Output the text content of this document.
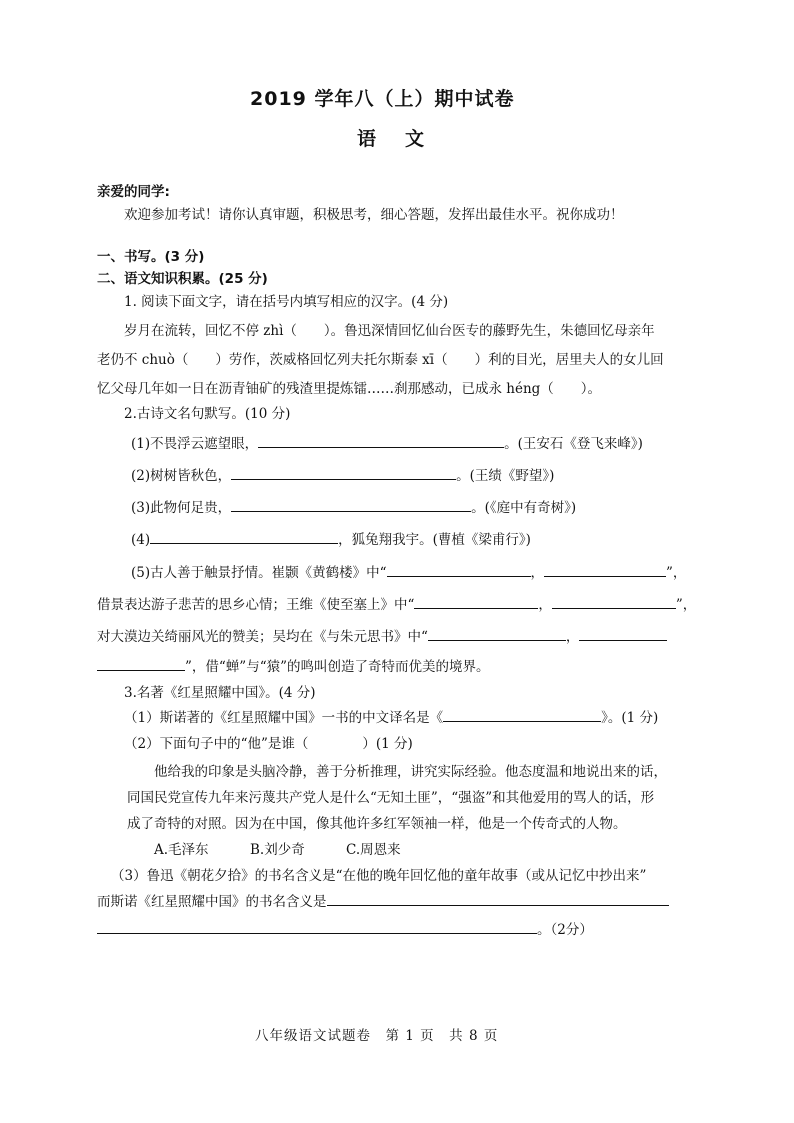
2019 学年八（上）期中试卷
语 文
亲爱的同学:
欢迎参加考试！请你认真审题，积极思考，细心答题，发挥出最佳水平。祝你成功！
一、书写。(3 分)
二、语文知识积累。(25 分)
1. 阅读下面文字，请在括号内填写相应的汉字。(4 分)
岁月在流转，回忆不停 zhì（　　）。鲁迅深情回忆仙台医专的藤野先生，朱德回忆母亲年
老仍不 chuò（　　）劳作，茨威格回忆列夫托尔斯泰 xī（　　）利的目光，居里夫人的女儿回
忆父母几年如一日在沥青铀矿的残渣里提炼镭……刹那感动，已成永 héng（　　）。
2.古诗文名句默写。(10 分)
(1)不畏浮云遮望眼，	。(王安石《登飞来峰》)
(2)树树皆秋色，	。(王绩《野望》)
(3)此物何足贵，	。(《庭中有奇树》)
(4)	，狐兔翔我宇。(曹植《梁甫行》)
(5)古人善于触景抒情。崔颢《黄鹤楼》中“	，	”，
借景表达游子悲苦的思乡心情；王维《使至塞上》中“	，	”，
对大漠边关绮丽风光的赞美；吴均在《与朱元思书》中“	，
”，借“蝉”与“猿”的鸣叫创造了奇特而优美的境界。
3.名著《红星照耀中国》。(4 分)
（1）斯诺著的《红星照耀中国》一书的中文译名是《	》。(1 分)
（2）下面句子中的“他”是谁（　　　　）(1 分)
他给我的印象是头脑冷静，善于分析推理，讲究实际经验。他态度温和地说出来的话，
同国民党宣传九年来污蔑共产党人是什么“无知土匪”，“强盗”和其他爱用的骂人的话，形
成了奇特的对照。因为在中国，像其他许多红军领袖一样，他是一个传奇式的人物。
A.毛泽东	B.刘少奇	C.周恩来
（3）鲁迅《朝花夕拾》的书名含义是“在他的晚年回忆他的童年故事（或从记忆中抄出来”
而斯诺《红星照耀中国》的书名含义是
。（2分）
八年级语文试题卷　第 1 页　共 8 页
